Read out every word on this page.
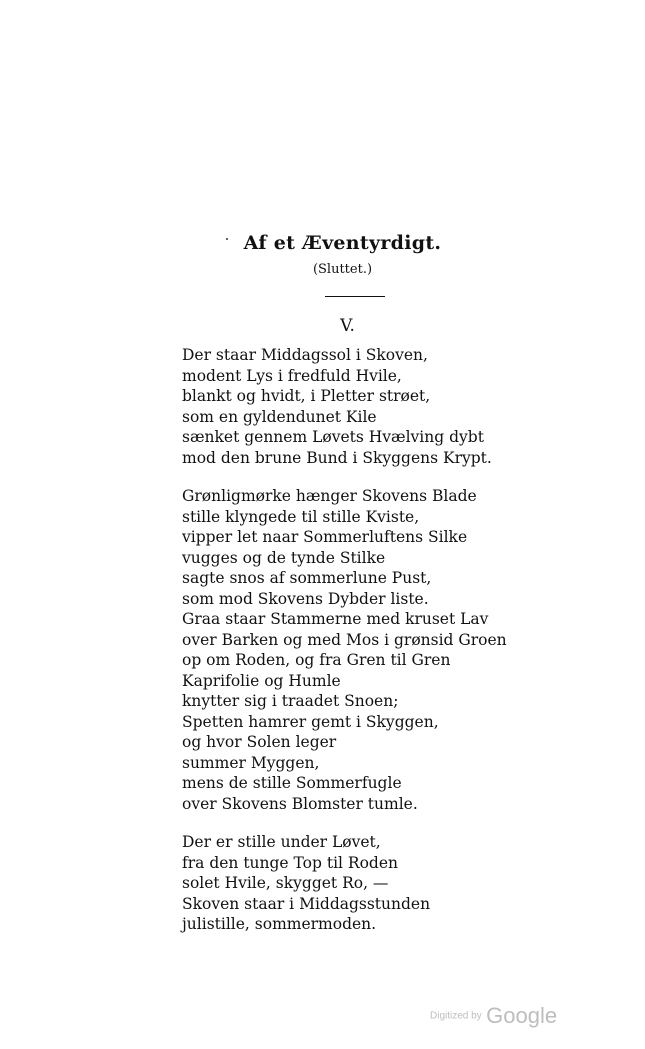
Af et Æventyrdigt.
(Sluttet.)
V.
Der staar Middagssol i Skoven,
modent Lys i fredfuld Hvile,
blankt og hvidt, i Pletter strøet,
som en gyldendunet Kile
sænket gennem Løvets Hvælving dybt
mod den brune Bund i Skyggens Krypt.
Grønligmørke hænger Skovens Blade
stille klyngede til stille Kviste,
vipper let naar Sommerluftens Silke
vugges og de tynde Stilke
sagte snos af sommerlune Pust,
som mod Skovens Dybder liste.
Graa staar Stammerne med kruset Lav
over Barken og med Mos i grønsid Groen
op om Roden, og fra Gren til Gren
Kaprifolie og Humle
knytter sig i traadet Snoen;
Spetten hamrer gemt i Skyggen,
og hvor Solen leger
summer Myggen,
mens de stille Sommerfugle
over Skovens Blomster tumle.
Der er stille under Løvet,
fra den tunge Top til Roden
solet Hvile, skygget Ro, —
Skoven staar i Middagsstunden
julistille, sommermoden.
Digitized by Google
